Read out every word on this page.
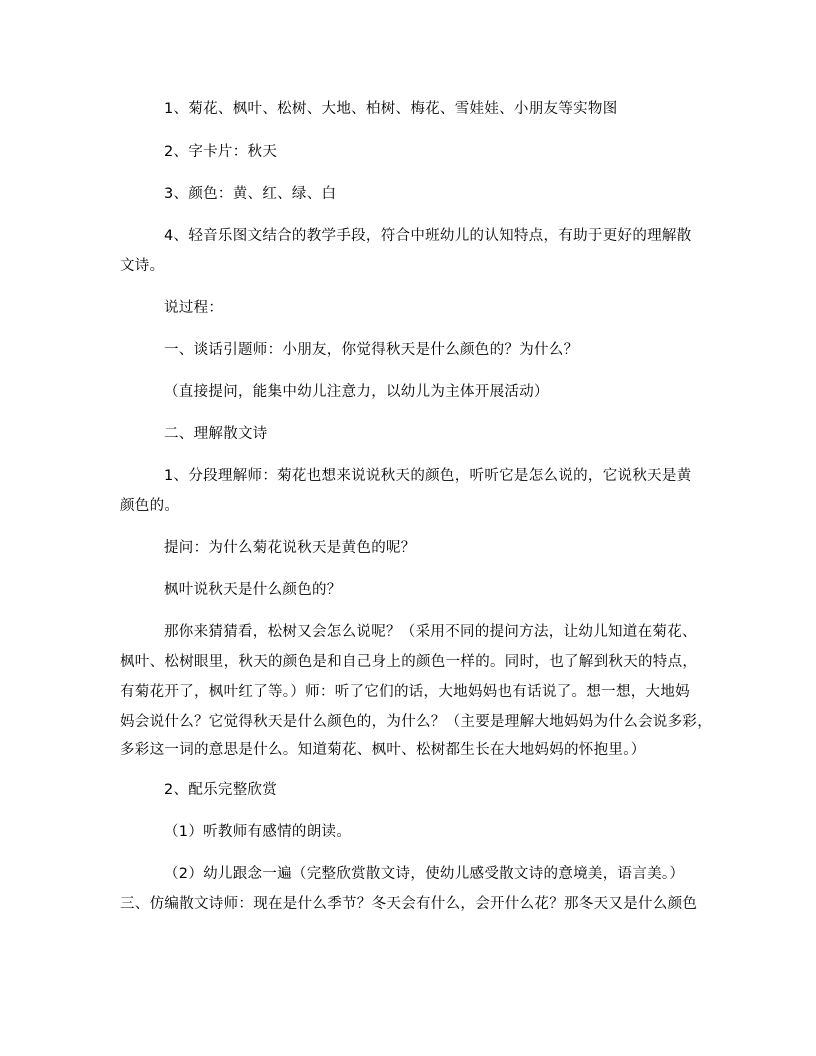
1、菊花、枫叶、松树、大地、柏树、梅花、雪娃娃、小朋友等实物图
2、字卡片：秋天
3、颜色：黄、红、绿、白
4、轻音乐图文结合的教学手段，符合中班幼儿的认知特点，有助于更好的理解散
文诗。
说过程：
一、谈话引题师：小朋友，你觉得秋天是什么颜色的？为什么？
（直接提问，能集中幼儿注意力，以幼儿为主体开展活动）
二、理解散文诗
1、分段理解师：菊花也想来说说秋天的颜色，听听它是怎么说的，它说秋天是黄
颜色的。
提问：为什么菊花说秋天是黄色的呢？
枫叶说秋天是什么颜色的？
那你来猜猜看，松树又会怎么说呢？（采用不同的提问方法，让幼儿知道在菊花、
枫叶、松树眼里，秋天的颜色是和自己身上的颜色一样的。同时，也了解到秋天的特点，
有菊花开了，枫叶红了等。）师：听了它们的话，大地妈妈也有话说了。想一想，大地妈
妈会说什么？它觉得秋天是什么颜色的，为什么？（主要是理解大地妈妈为什么会说多彩，
多彩这一词的意思是什么。知道菊花、枫叶、松树都生长在大地妈妈的怀抱里。）
2、配乐完整欣赏
（1）听教师有感情的朗读。
（2）幼儿跟念一遍（完整欣赏散文诗，使幼儿感受散文诗的意境美，语言美。）
三、仿编散文诗师：现在是什么季节？冬天会有什么，会开什么花？那冬天又是什么颜色
